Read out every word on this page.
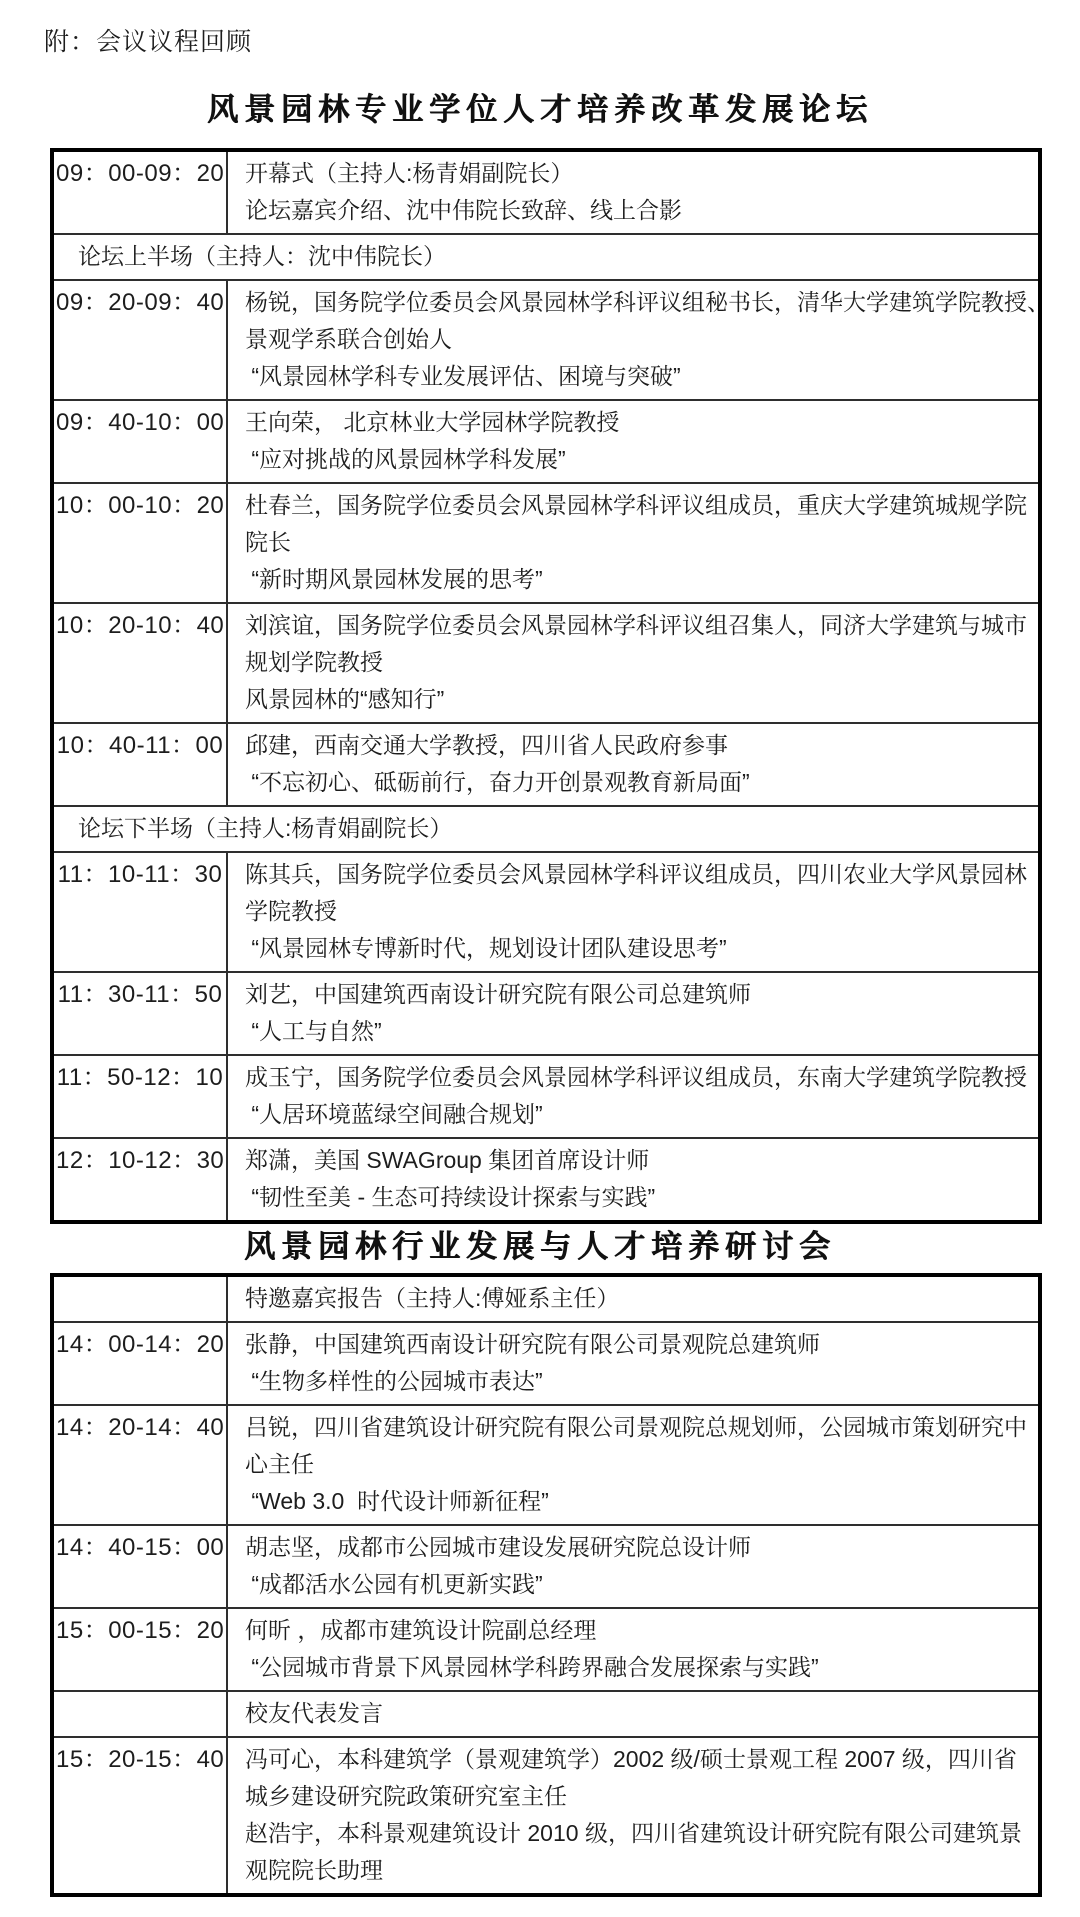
附：会议议程回顾
风景园林专业学位人才培养改革发展论坛
09：00-09：20	开幕式（主持人:杨青娟副院长）
论坛嘉宾介绍、沈中伟院长致辞、线上合影

论坛上半场（主持人：沈中伟院长）	

09：20-09：40	杨锐，国务院学位委员会风景园林学科评议组秘书长，清华大学建筑学院教授、
景观学系联合创始人
“风景园林学科专业发展评估、困境与突破”

09：40-10：00	王向荣， 北京林业大学园林学院教授
“应对挑战的风景园林学科发展”

10：00-10：20	杜春兰，国务院学位委员会风景园林学科评议组成员，重庆大学建筑城规学院
院长
“新时期风景园林发展的思考”

10：20-10：40	刘滨谊，国务院学位委员会风景园林学科评议组召集人，同济大学建筑与城市
规划学院教授
风景园林的“感知行”

10：40-11：00	邱建，西南交通大学教授，四川省人民政府参事
“不忘初心、砥砺前行，奋力开创景观教育新局面”

论坛下半场（主持人:杨青娟副院长）	

11：10-11：30	陈其兵，国务院学位委员会风景园林学科评议组成员，四川农业大学风景园林
学院教授
“风景园林专博新时代，规划设计团队建设思考”

11：30-11：50	刘艺，中国建筑西南设计研究院有限公司总建筑师
“人工与自然”

11：50-12：10	成玉宁，国务院学位委员会风景园林学科评议组成员，东南大学建筑学院教授
“人居环境蓝绿空间融合规划”

12：10-12：30	郑潇，美国 SWAGroup 集团首席设计师
“韧性至美 - 生态可持续设计探索与实践”
风景园林行业发展与人才培养研讨会

	特邀嘉宾报告（主持人:傅娅系主任）

14：00-14：20	张静，中国建筑西南设计研究院有限公司景观院总建筑师
“生物多样性的公园城市表达”

14：20-14：40	吕锐，四川省建筑设计研究院有限公司景观院总规划师，公园城市策划研究中
心主任
“Web 3.0  时代设计师新征程”

14：40-15：00	胡志坚，成都市公园城市建设发展研究院总设计师
“成都活水公园有机更新实践”

15：00-15：20	何昕 ，成都市建筑设计院副总经理
“公园城市背景下风景园林学科跨界融合发展探索与实践”

	校友代表发言

15：20-15：40	冯可心，本科建筑学（景观建筑学）2002 级/硕士景观工程 2007 级，四川省
城乡建设研究院政策研究室主任
赵浩宇，本科景观建筑设计 2010 级，四川省建筑设计研究院有限公司建筑景
观院院长助理
